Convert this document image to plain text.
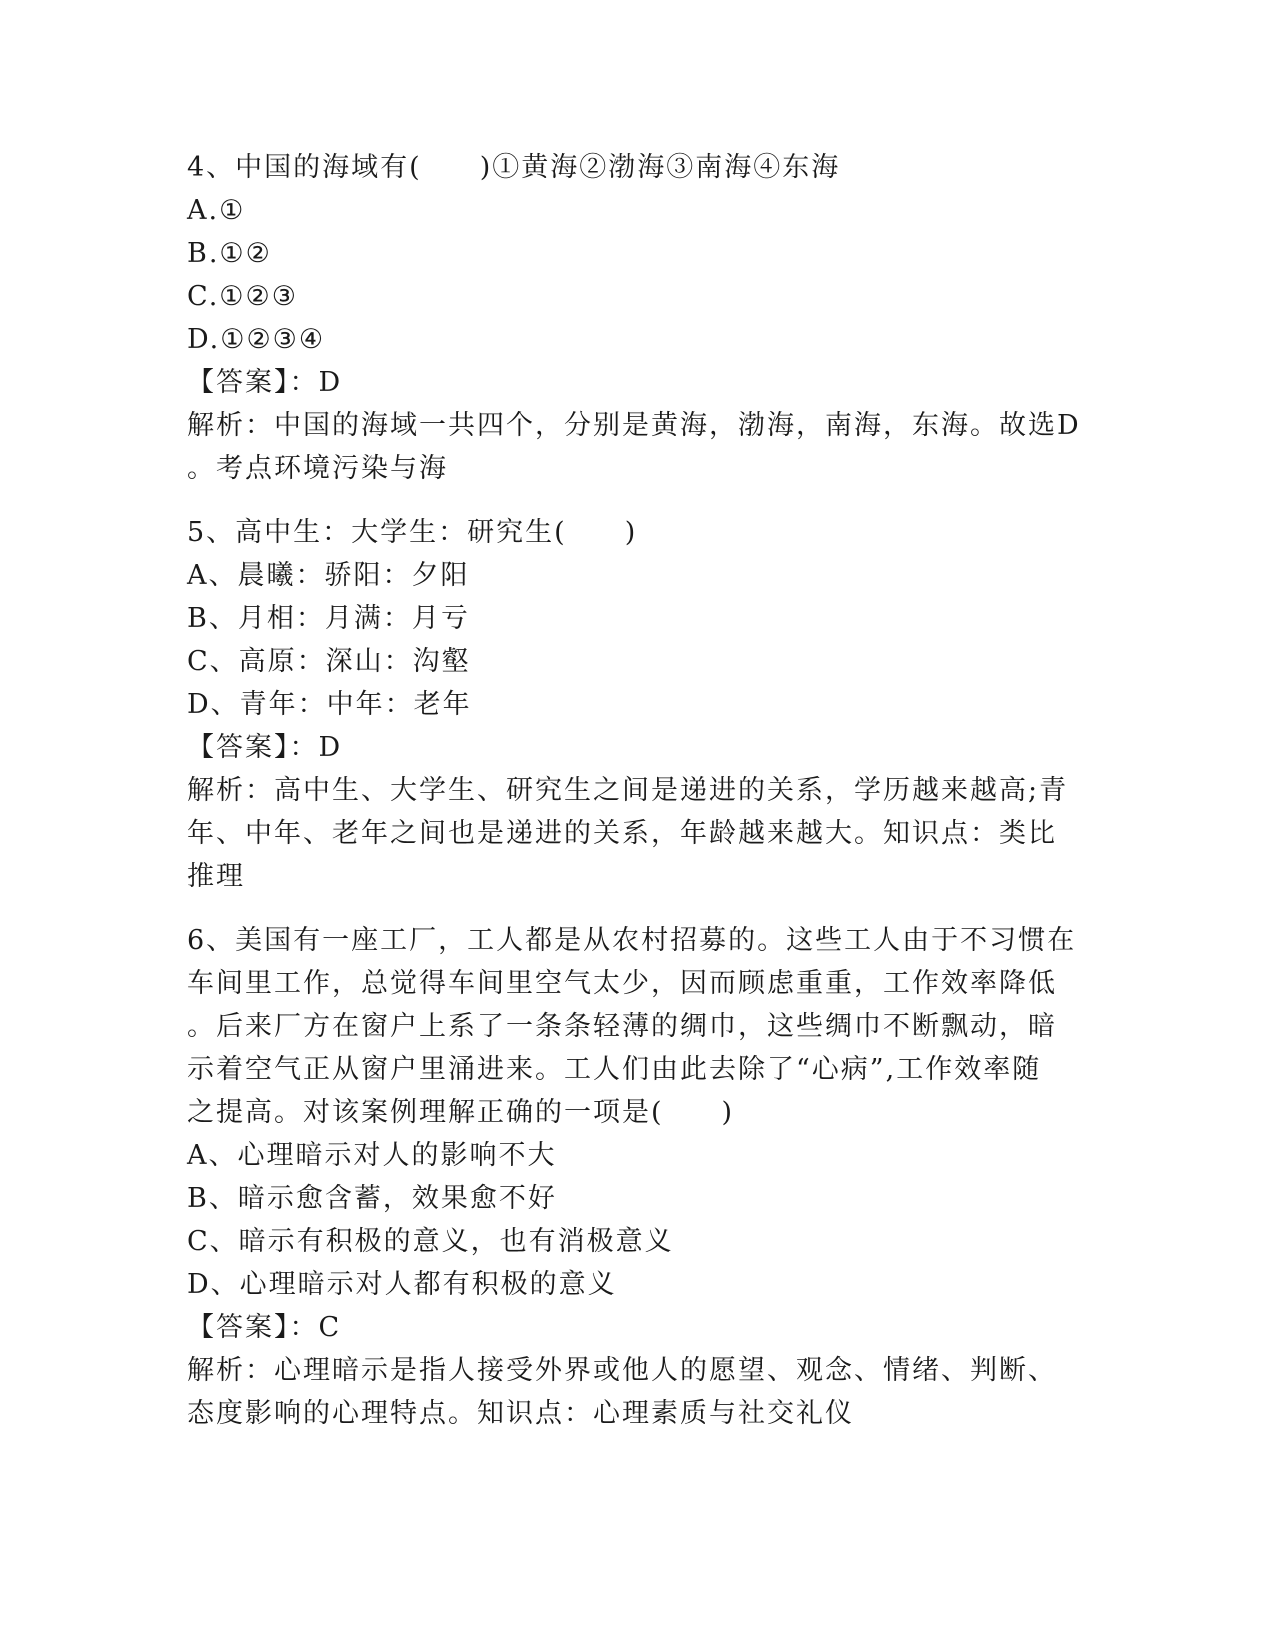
4、中国的海域有(　　)①黄海②渤海③南海④东海
A.①
B.①②
C.①②③
D.①②③④
【答案】：D
解析：中国的海域一共四个，分别是黄海，渤海，南海，东海。故选D
。考点环境污染与海
5、高中生：大学生：研究生(　　)
A、晨曦：骄阳：夕阳
B、月相：月满：月亏
C、高原：深山：沟壑
D、青年：中年：老年
【答案】：D
解析：高中生、大学生、研究生之间是递进的关系，学历越来越高;青
年、中年、老年之间也是递进的关系，年龄越来越大。知识点：类比
推理
6、美国有一座工厂，工人都是从农村招募的。这些工人由于不习惯在
车间里工作，总觉得车间里空气太少，因而顾虑重重，工作效率降低
。后来厂方在窗户上系了一条条轻薄的绸巾，这些绸巾不断飘动，暗
示着空气正从窗户里涌进来。工人们由此去除了“心病”,工作效率随
之提高。对该案例理解正确的一项是(　　)
A、心理暗示对人的影响不大
B、暗示愈含蓄，效果愈不好
C、暗示有积极的意义，也有消极意义
D、心理暗示对人都有积极的意义
【答案】：C
解析：心理暗示是指人接受外界或他人的愿望、观念、情绪、判断、
态度影响的心理特点。知识点：心理素质与社交礼仪
